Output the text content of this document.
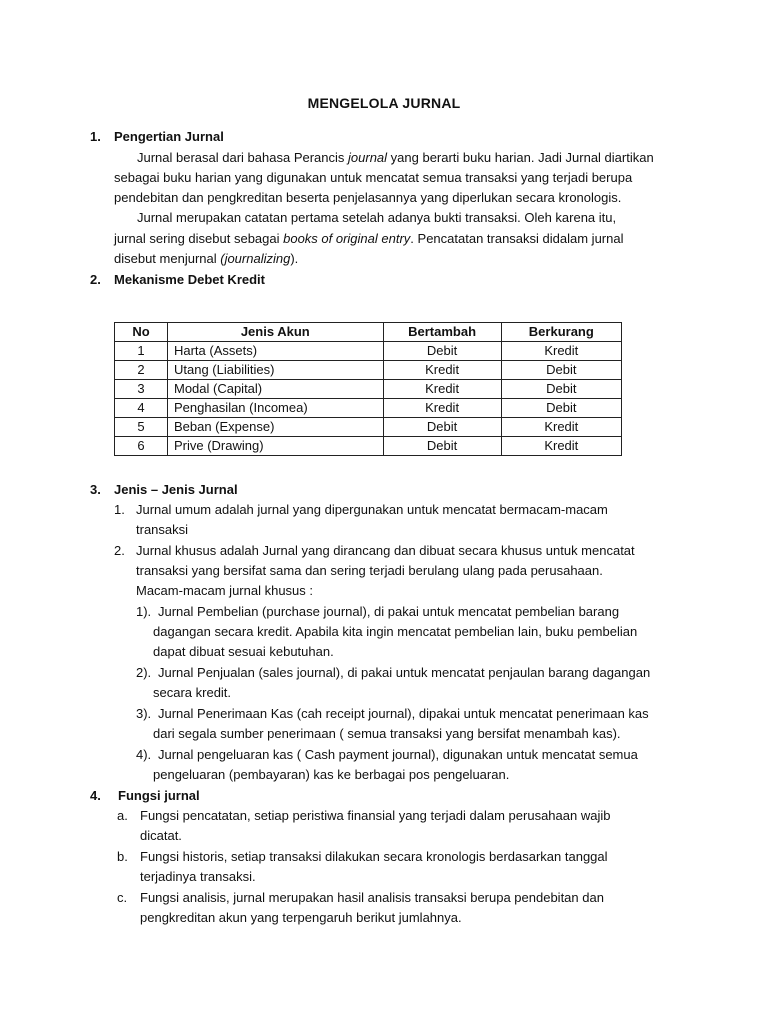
MENGELOLA JURNAL
1. Pengertian Jurnal
Jurnal berasal dari bahasa Perancis journal yang berarti buku harian. Jadi Jurnal diartikan
sebagai buku harian yang digunakan untuk mencatat semua transaksi yang terjadi berupa
pendebitan dan pengkreditan beserta penjelasannya yang diperlukan secara kronologis.
Jurnal merupakan catatan pertama setelah adanya bukti transaksi. Oleh karena itu,
jurnal sering disebut sebagai books of original entry. Pencatatan transaksi didalam jurnal
disebut menjurnal (journalizing).
2. Mekanisme Debet Kredit
No	Jenis Akun	Bertambah	Berkurang
1	Harta (Assets)	Debit	Kredit
2	Utang (Liabilities)	Kredit	Debit
3	Modal (Capital)	Kredit	Debit
4	Penghasilan (Incomea)	Kredit	Debit
5	Beban (Expense)	Debit	Kredit
6	Prive (Drawing)	Debit	Kredit
3. Jenis – Jenis Jurnal
1. Jurnal umum adalah jurnal yang dipergunakan untuk mencatat bermacam-macam
transaksi
2. Jurnal khusus adalah Jurnal yang dirancang dan dibuat secara khusus untuk mencatat
transaksi yang bersifat sama dan sering terjadi berulang ulang pada perusahaan.
Macam-macam jurnal khusus :
1). Jurnal Pembelian (purchase journal), di pakai untuk mencatat pembelian barang
dagangan secara kredit. Apabila kita ingin mencatat pembelian lain, buku pembelian
dapat dibuat sesuai kebutuhan.
2). Jurnal Penjualan (sales journal), di pakai untuk mencatat penjaulan barang dagangan
secara kredit.
3). Jurnal Penerimaan Kas (cah receipt journal), dipakai untuk mencatat penerimaan kas
dari segala sumber penerimaan ( semua transaksi yang bersifat menambah kas).
4). Jurnal pengeluaran kas ( Cash payment journal), digunakan untuk mencatat semua
pengeluaran (pembayaran) kas ke berbagai pos pengeluaran.
4. Fungsi jurnal
a. Fungsi pencatatan, setiap peristiwa finansial yang terjadi dalam perusahaan wajib
dicatat.
b. Fungsi historis, setiap transaksi dilakukan secara kronologis berdasarkan tanggal
terjadinya transaksi.
c. Fungsi analisis, jurnal merupakan hasil analisis transaksi berupa pendebitan dan
pengkreditan akun yang terpengaruh berikut jumlahnya.
